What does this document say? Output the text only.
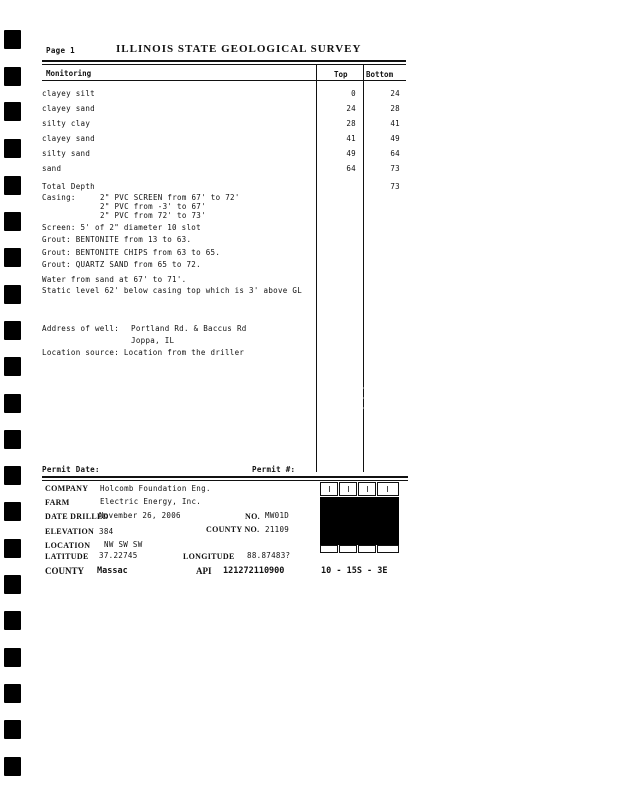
Page 1	ILLINOIS STATE GEOLOGICAL SURVEY
Monitoring	Top Bottom
clayey silt	0	24
clayey sand	24	28
silty clay	28	41
clayey sand	41	49
silty sand	49	64
sand	64	73
Total Depth	73
Casing:	2" PVC SCREEN from 67' to 72'
2" PVC from -3' to 67'
2" PVC from 72' to 73'
Screen: 5' of 2" diameter 10 slot
Grout: BENTONITE from 13 to 63.
Grout: BENTONITE CHIPS from 63 to 65.
Grout: QUARTZ SAND from 65 to 72.
Water from sand at 67' to 71'.
Static level 62' below casing top which is 3' above GL
Address of well: Portland Rd. & Baccus Rd
Joppa, IL
Location source: Location from the driller
Permit Date:	Permit #:
COMPANY Holcomb Foundation Eng.
FARM	Electric Energy, Inc.
DATE DRILLED
November 26, 2006	NO. MW01D
ELEVATION 384	COUNTY NO. 21109
LOCATION NW SW SW
LATITUDE 37.22745	LONGITUDE 88.87483?
COUNTY Massac	API 121272110900	10 - 15S - 3E
